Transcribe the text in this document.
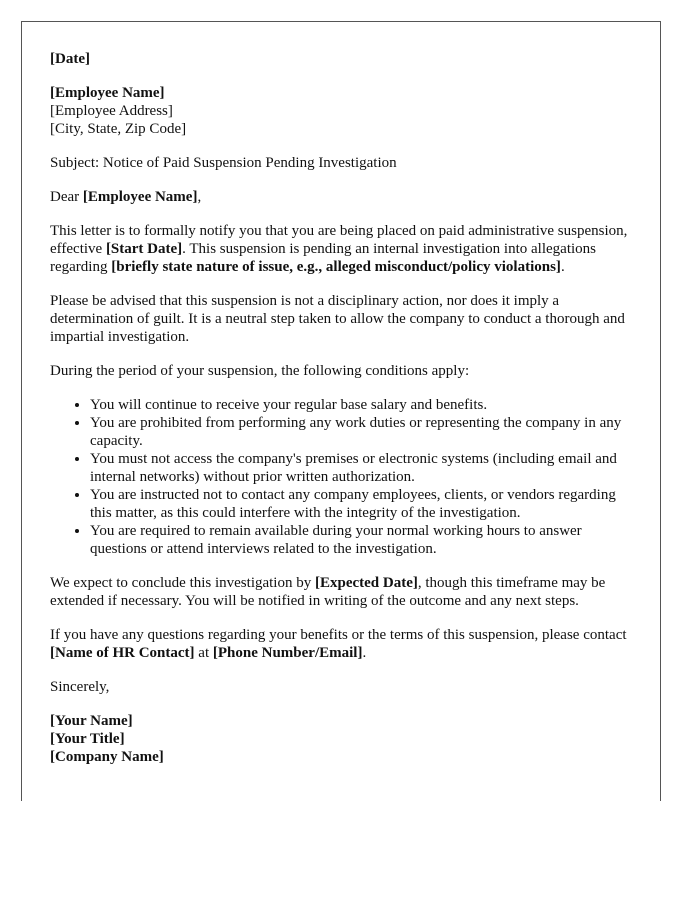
[Date]

[Employee Name]
[Employee Address]
[City, State, Zip Code]

Subject: Notice of Paid Suspension Pending Investigation

Dear [Employee Name],

This letter is to formally notify you that you are being placed on paid administrative suspension, effective [Start Date]. This suspension is pending an internal investigation into allegations regarding [briefly state nature of issue, e.g., alleged misconduct/policy violations].

Please be advised that this suspension is not a disciplinary action, nor does it imply a determination of guilt. It is a neutral step taken to allow the company to conduct a thorough and impartial investigation.

During the period of your suspension, the following conditions apply:

• You will continue to receive your regular base salary and benefits.
• You are prohibited from performing any work duties or representing the company in any capacity.
• You must not access the company's premises or electronic systems (including email and internal networks) without prior written authorization.
• You are instructed not to contact any company employees, clients, or vendors regarding this matter, as this could interfere with the integrity of the investigation.
• You are required to remain available during your normal working hours to answer questions or attend interviews related to the investigation.

We expect to conclude this investigation by [Expected Date], though this timeframe may be extended if necessary. You will be notified in writing of the outcome and any next steps.

If you have any questions regarding your benefits or the terms of this suspension, please contact [Name of HR Contact] at [Phone Number/Email].

Sincerely,

[Your Name]
[Your Title]
[Company Name]
